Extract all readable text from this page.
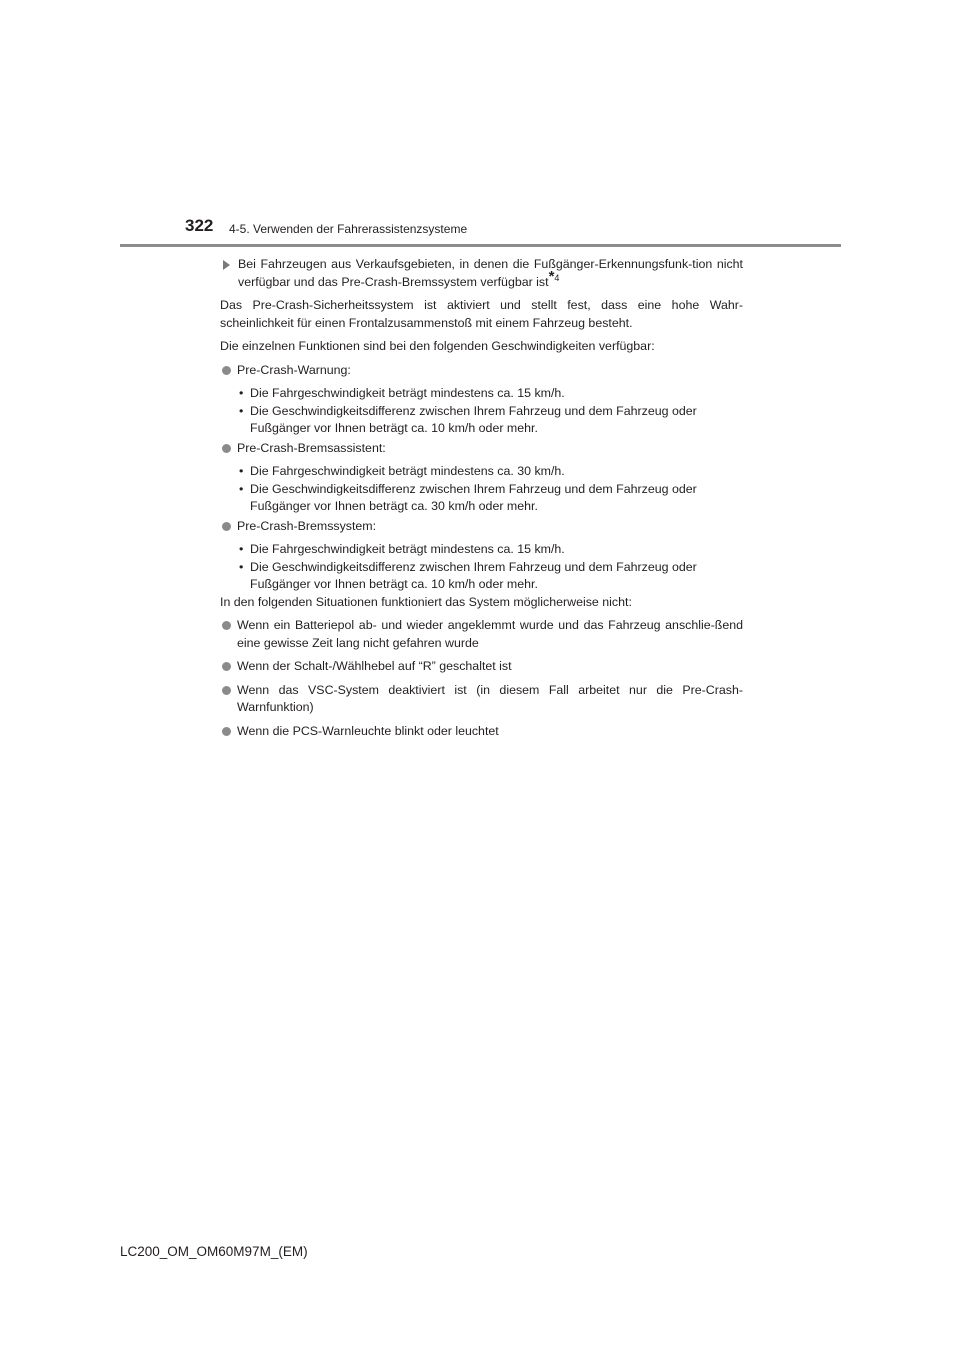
322 4-5. Verwenden der Fahrerassistenzsysteme
Bei Fahrzeugen aus Verkaufsgebieten, in denen die Fußgänger-Erkennungsfunk-tion nicht verfügbar und das Pre-Crash-Bremssystem verfügbar ist*$^4$

Das Pre-Crash-Sicherheitssystem ist aktiviert und stellt fest, dass eine hohe Wahr-scheinlichkeit für einen Frontalzusammenstoß mit einem Fahrzeug besteht.

Die einzelnen Funktionen sind bei den folgenden Geschwindigkeiten verfügbar:

Pre-Crash-Warnung:
• Die Fahrgeschwindigkeit beträgt mindestens ca. 15 km/h.
• Die Geschwindigkeitsdifferenz zwischen Ihrem Fahrzeug und dem Fahrzeug oder Fußgänger vor Ihnen beträgt ca. 10 km/h oder mehr.
Pre-Crash-Bremsassistent:
• Die Fahrgeschwindigkeit beträgt mindestens ca. 30 km/h.
• Die Geschwindigkeitsdifferenz zwischen Ihrem Fahrzeug und dem Fahrzeug oder Fußgänger vor Ihnen beträgt ca. 30 km/h oder mehr.
Pre-Crash-Bremssystem:
• Die Fahrgeschwindigkeit beträgt mindestens ca. 15 km/h.
• Die Geschwindigkeitsdifferenz zwischen Ihrem Fahrzeug und dem Fahrzeug oder Fußgänger vor Ihnen beträgt ca. 10 km/h oder mehr.

In den folgenden Situationen funktioniert das System möglicherweise nicht:

Wenn ein Batteriepol ab- und wieder angeklemmt wurde und das Fahrzeug anschlie-ßend eine gewisse Zeit lang nicht gefahren wurde
Wenn der Schalt-/Wählhebel auf “R” geschaltet ist
Wenn das VSC-System deaktiviert ist (in diesem Fall arbeitet nur die Pre-Crash-Warnfunktion)
Wenn die PCS-Warnleuchte blinkt oder leuchtet
LC200_OM_OM60M97M_(EM)
